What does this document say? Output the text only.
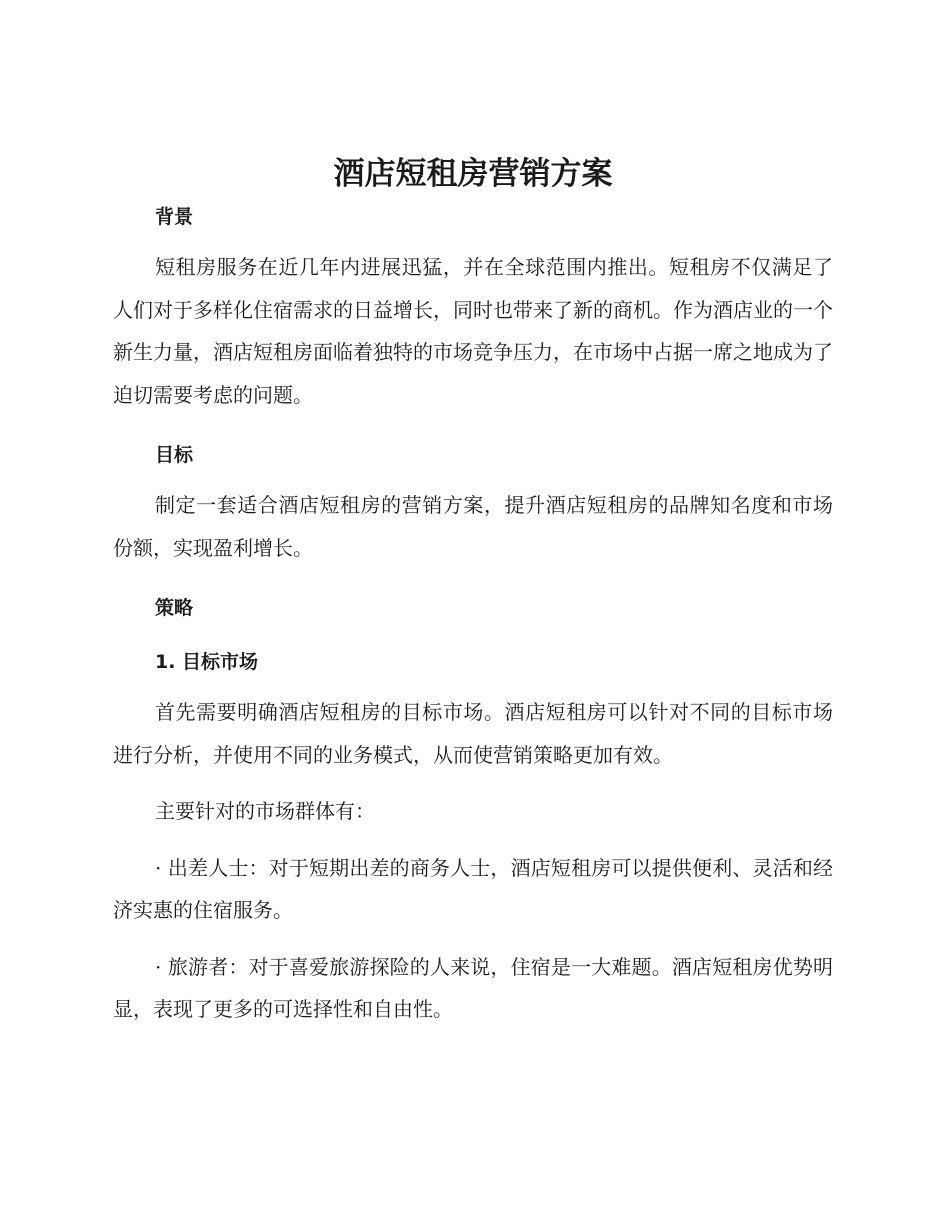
酒店短租房营销方案
背景

短租房服务在近几年内进展迅猛，并在全球范围内推出。短租房不仅满足了人们对于多样化住宿需求的日益增长，同时也带来了新的商机。作为酒店业的一个新生力量，酒店短租房面临着独特的市场竞争压力，在市场中占据一席之地成为了迫切需要考虑的问题。

目标

制定一套适合酒店短租房的营销方案，提升酒店短租房的品牌知名度和市场份额，实现盈利增长。

策略
1. 目标市场

首先需要明确酒店短租房的目标市场。酒店短租房可以针对不同的目标市场进行分析，并使用不同的业务模式，从而使营销策略更加有效。

主要针对的市场群体有：

· 出差人士：对于短期出差的商务人士，酒店短租房可以提供便利、灵活和经济实惠的住宿服务。

· 旅游者：对于喜爱旅游探险的人来说，住宿是一大难题。酒店短租房优势明显，表现了更多的可选择性和自由性。
